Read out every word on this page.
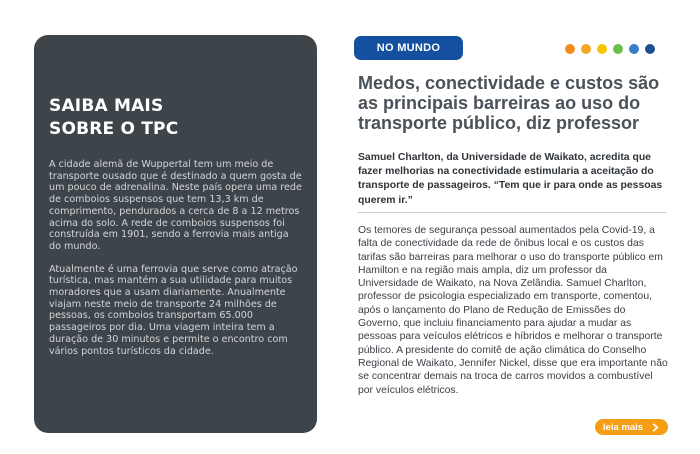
SAIBA MAIS
SOBRE O TPC

A cidade alemã de Wuppertal tem um meio de transporte ousado que é destinado a quem gosta de um pouco de adrenalina. Neste país opera uma rede de comboios suspensos que tem 13,3 km de comprimento, pendurados a cerca de 8 a 12 metros acima do solo. A rede de comboios suspensos foi construída em 1901, sendo a ferrovia mais antiga do mundo.

Atualmente é uma ferrovia que serve como atração turística, mas mantém a sua utilidade para muitos moradores que a usam diariamente. Anualmente viajam neste meio de transporte 24 milhões de pessoas, os comboios transportam 65.000 passageiros por dia. Uma viagem inteira tem a duração de 30 minutos e permite o encontro com vários pontos turísticos da cidade.

NO MUNDO
Medos, conectividade e custos são
as principais barreiras ao uso do
transporte público, diz professor

Samuel Charlton, da Universidade de Waikato, acredita que fazer melhorias na conectividade estimularia a aceitação do transporte de passageiros. “Tem que ir para onde as pessoas querem ir.”

Os temores de segurança pessoal aumentados pela Covid-19, a falta de conectividade da rede de ônibus local e os custos das tarifas são barreiras para melhorar o uso do transporte público em Hamilton e na região mais ampla, diz um professor da Universidade de Waikato, na Nova Zelândia. Samuel Charlton, professor de psicologia especializado em transporte, comentou, após o lançamento do Plano de Redução de Emissões do Governo, que incluiu financiamento para ajudar a mudar as pessoas para veículos elétricos e híbridos e melhorar o transporte público. A presidente do comitê de ação climática do Conselho Regional de Waikato, Jennifer Nickel, disse que era importante não se concentrar demais na troca de carros movidos a combustível por veículos elétricos.

leia mais
